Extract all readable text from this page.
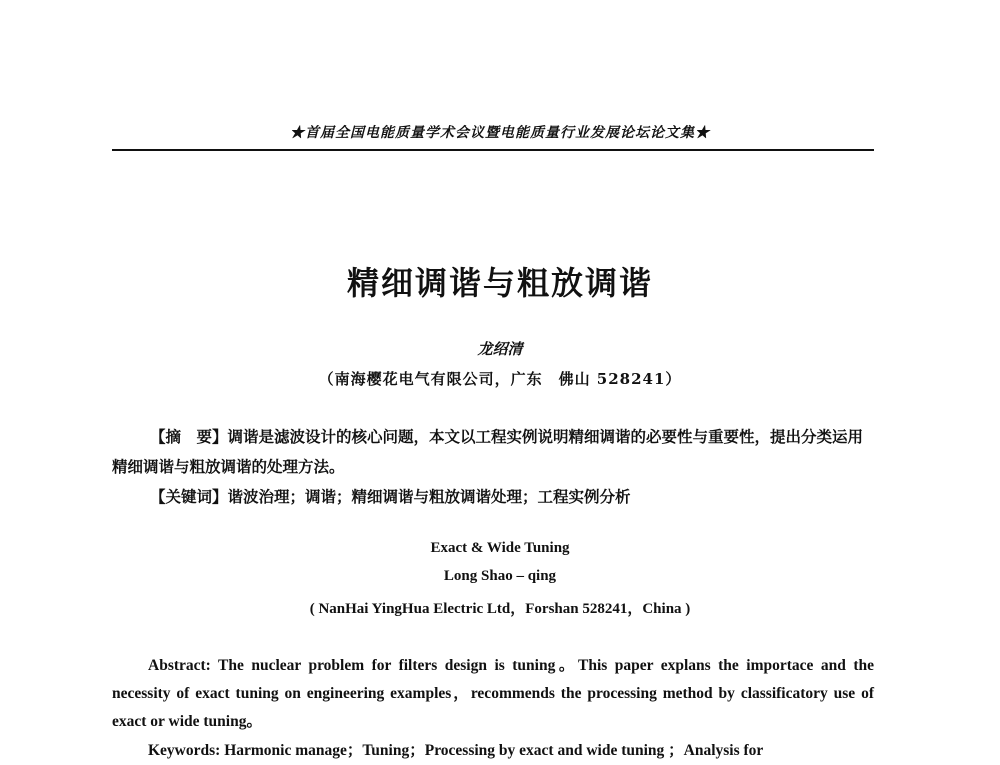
★首届全国电能质量学术会议暨电能质量行业发展论坛论文集★
精细调谐与粗放调谐
龙绍清
（南海樱花电气有限公司，广东　佛山 528241）
【摘　要】调谐是滤波设计的核心问题，本文以工程实例说明精细调谐的必要性与重要性，提出分类运用精细调谐与粗放调谐的处理方法。
【关键词】谐波治理；调谐；精细调谐与粗放调谐处理；工程实例分析
Exact & Wide Tuning
Long Shao – qing
( NanHai YingHua Electric Ltd，Forshan 528241，China )
Abstract: The nuclear problem for filters design is tuning。This paper explans the importace and the necessity of exact tuning on engineering examples，recommends the processing method by classificatory use of exact or wide tuning。
Keywords: Harmonic manage；Tuning；Processing by exact and wide tuning ；Analysis for
